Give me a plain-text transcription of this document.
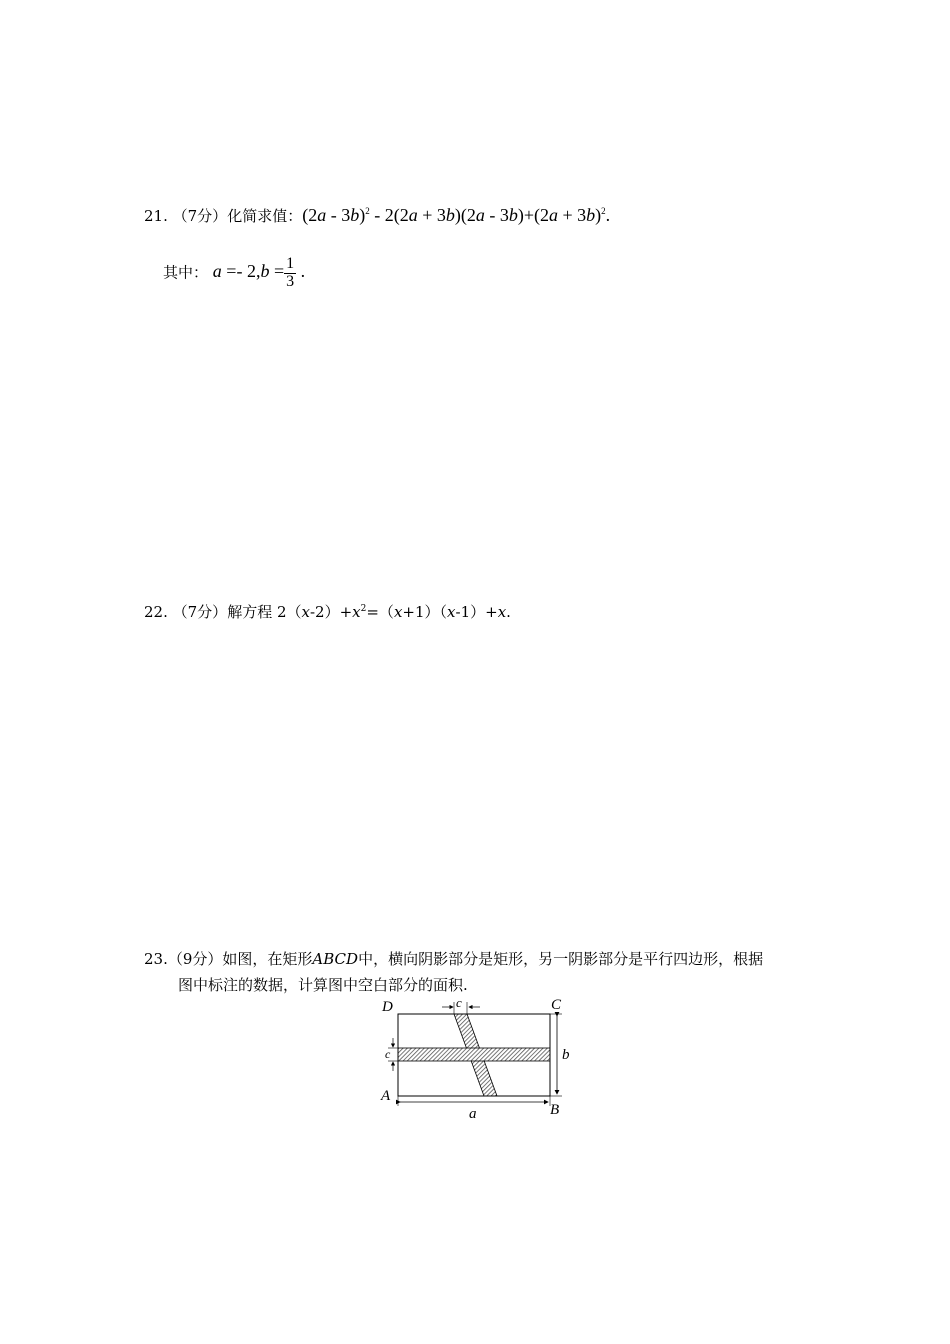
21. （7分）化简求值：$(2a - 3b)^2 - 2(2a + 3b)(2a - 3b)+(2a + 3b)^2$.
其中： $a =- 2,b = \frac{1}{3}$ .
22. （7分）解方程 $2(x-2)+x^2=(x+1)(x-1)+x$.
23.（9分）如图，在矩形ABCD中，横向阴影部分是矩形，另一阴影部分是平行四边形，根据
图中标注的数据，计算图中空白部分的面积.
D	C
A
B
a
b
c
c
